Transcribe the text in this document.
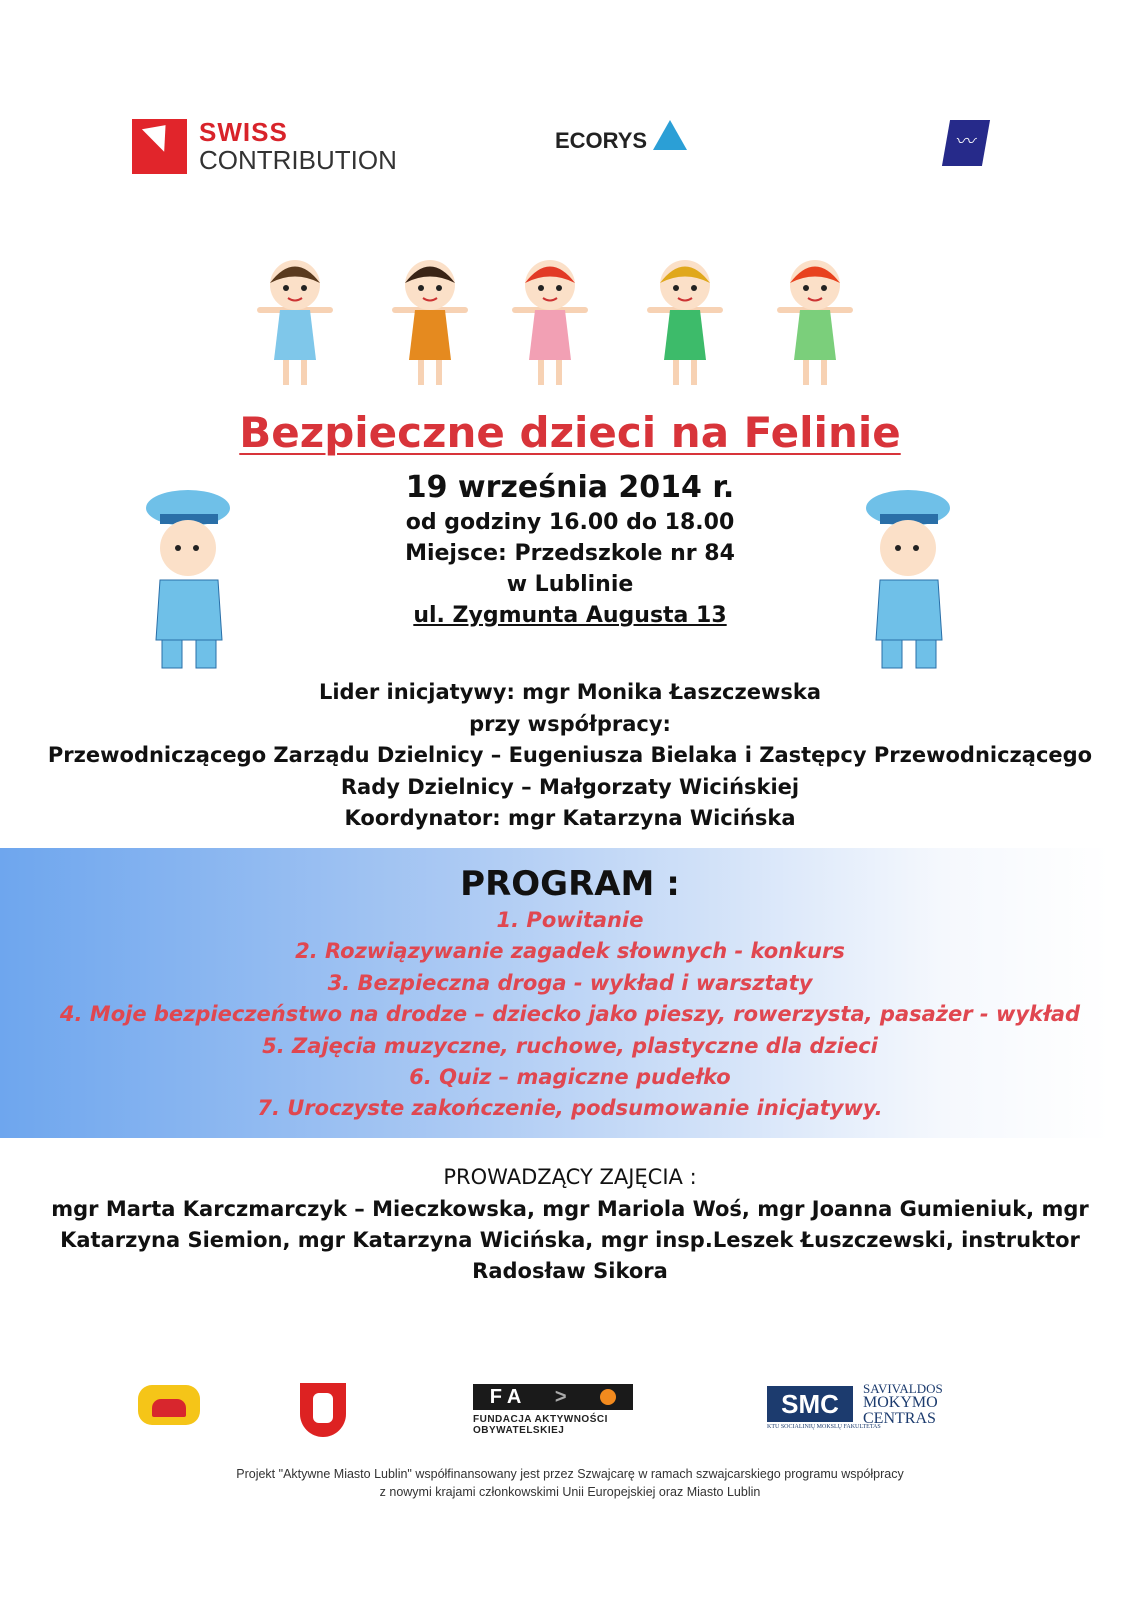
SWISS
CONTRIBUTION
ECORYS	〰
Bezpieczne dzieci na Felinie
19 września 2014 r.
od godziny 16.00 do 18.00
Miejsce: Przedszkole nr 84
w Lublinie
ul. Zygmunta Augusta 13
Lider inicjatywy: mgr Monika Łaszczewska
przy współpracy:
Przewodniczącego Zarządu Dzielnicy – Eugeniusza Bielaka i Zastępcy Przewodniczącego
Rady Dzielnicy – Małgorzaty Wicińskiej
Koordynator: mgr Katarzyna Wicińska
PROGRAM :
1. Powitanie
2. Rozwiązywanie zagadek słownych - konkurs
3. Bezpieczna droga - wykład i warsztaty
4. Moje bezpieczeństwo na drodze – dziecko jako pieszy, rowerzysta, pasażer - wykład
5. Zajęcia muzyczne, ruchowe, plastyczne dla dzieci
6. Quiz – magiczne pudełko
7. Uroczyste zakończenie, podsumowanie inicjatywy.
PROWADZĄCY ZAJĘCIA :
mgr Marta Karczmarczyk – Mieczkowska, mgr Mariola Woś, mgr Joanna Gumieniuk, mgr
Katarzyna Siemion, mgr Katarzyna Wicińska, mgr insp.Leszek Łuszczewski, instruktor
Radosław Sikora
F A >
FUNDACJA AKTYWNOŚCI OBYWATELSKIEJ
SMC
SAVIVALDOS
MOKYMO
CENTRAS
KTU SOCIALINIŲ MOKSLŲ FAKULTETAS
Projekt "Aktywne Miasto Lublin" współfinansowany jest przez Szwajcarę w ramach szwajcarskiego programu współpracy
z nowymi krajami członkowskimi Unii Europejskiej oraz Miasto Lublin
